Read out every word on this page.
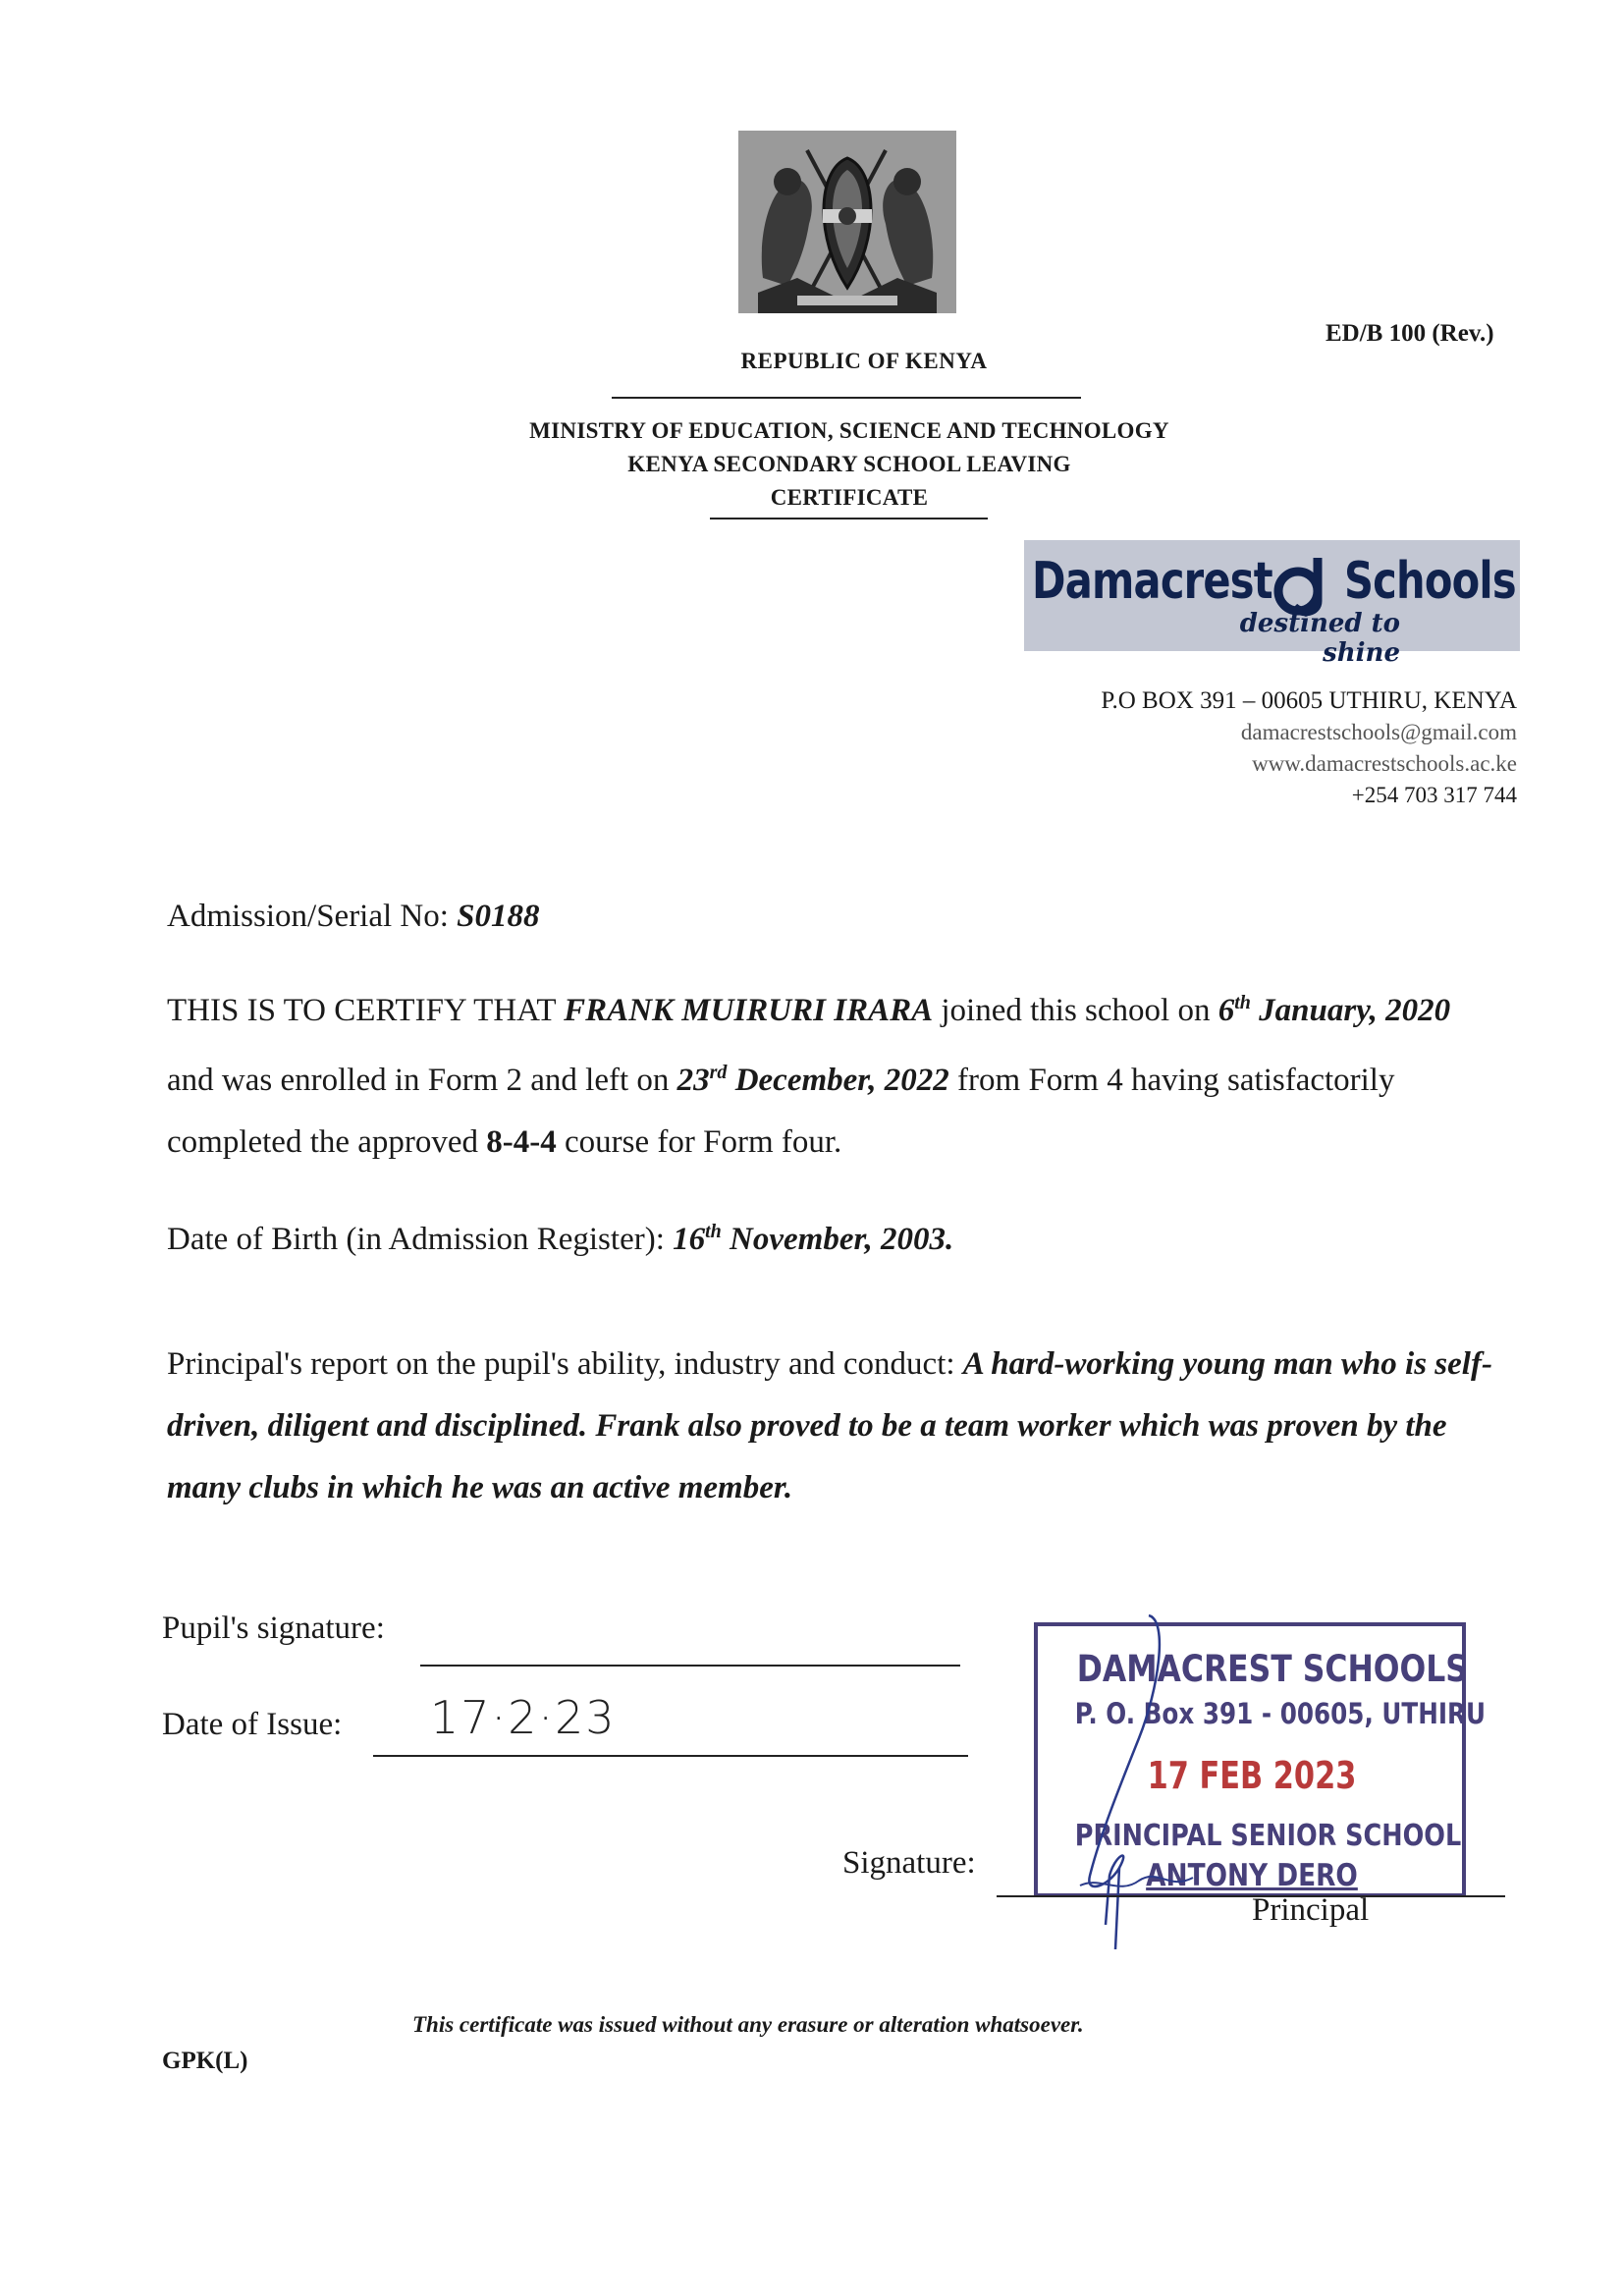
ED/B 100 (Rev.)
REPUBLIC OF KENYA
MINISTRY OF EDUCATION, SCIENCE AND TECHNOLOGY
KENYA SECONDARY SCHOOL LEAVING
CERTIFICATE
Damacrest Schools
destined to shine
P.O BOX 391 – 00605 UTHIRU, KENYA
damacrestschools@gmail.com
www.damacrestschools.ac.ke
+254 703 317 744
Admission/Serial No: S0188
THIS IS TO CERTIFY THAT FRANK MUIRURI IRARA joined this school on 6th January, 2020 and was enrolled in Form 2 and left on 23rd December, 2022 from Form 4 having satisfactorily completed the approved 8-4-4 course for Form four.
Date of Birth (in Admission Register): 16th November, 2003.
Principal's report on the pupil's ability, industry and conduct: A hard-working young man who is self-driven, diligent and disciplined. Frank also proved to be a team worker which was proven by the many clubs in which he was an active member.
Pupil's signature:
Date of Issue: 17·2·23
DAMACREST SCHOOLS
P. O. Box 391 - 00605, UTHIRU
17 FEB 2023
PRINCIPAL SENIOR SCHOOL
ANTONY DERO
Signature:
Principal
This certificate was issued without any erasure or alteration whatsoever.
GPK(L)
